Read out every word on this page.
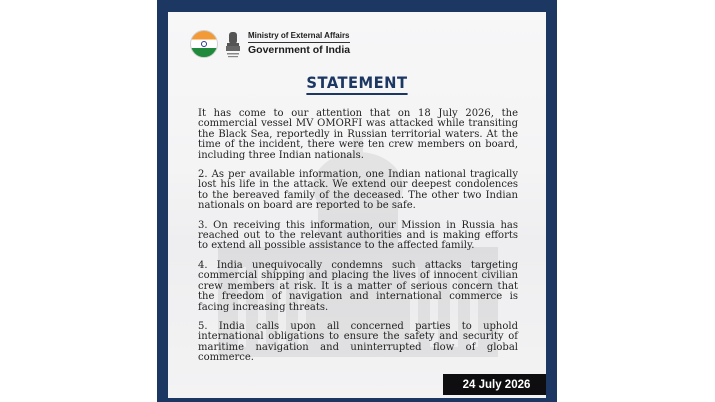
Ministry of External Affairs
Government of India
STATEMENT

It has come to our attention that on 18 July 2026, the commercial vessel MV OMORFI was attacked while transiting the Black Sea, reportedly in Russian territorial waters. At the time of the incident, there were ten crew members on board, including three Indian nationals.

2. As per available information, one Indian national tragically lost his life in the attack. We extend our deepest condolences to the bereaved family of the deceased. The other two Indian nationals on board are reported to be safe.

3. On receiving this information, our Mission in Russia has reached out to the relevant authorities and is making efforts to extend all possible assistance to the affected family.

4. India unequivocally condemns such attacks targeting commercial shipping and placing the lives of innocent civilian crew members at risk. It is a matter of serious concern that the freedom of navigation and international commerce is facing increasing threats.

5. India calls upon all concerned parties to uphold international obligations to ensure the safety and security of maritime navigation and uninterrupted flow of global commerce.

24 July 2026
